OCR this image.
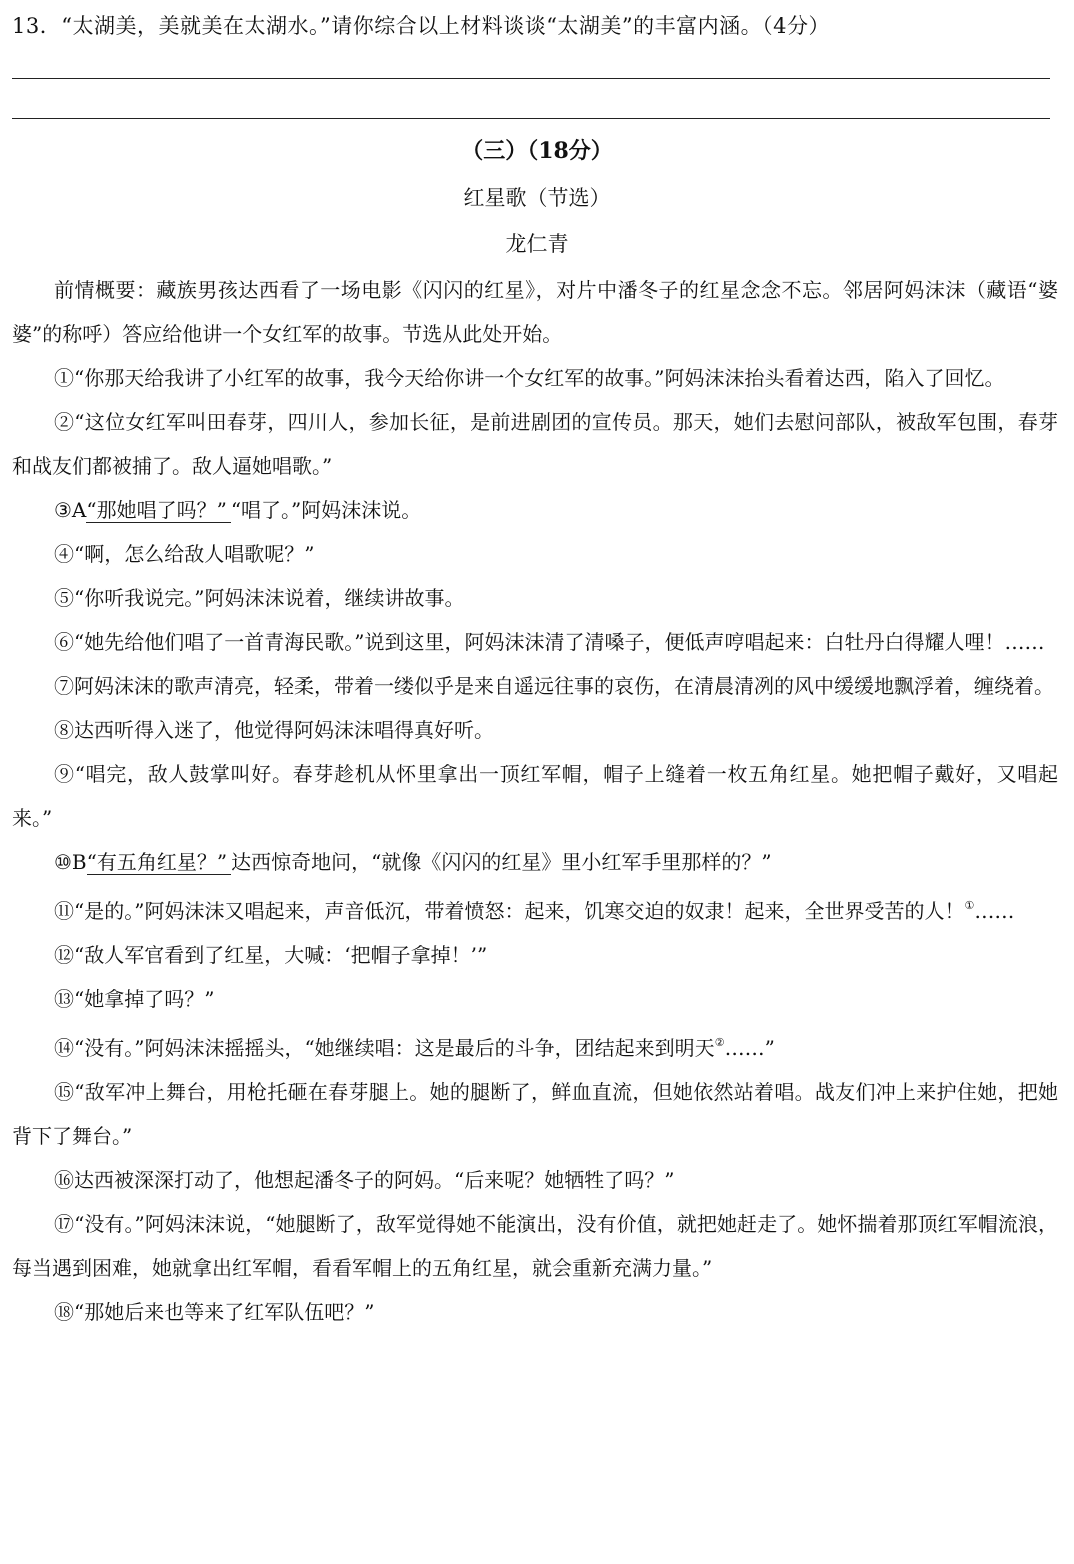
13．“太湖美，美就美在太湖水。”请你综合以上材料谈谈“太湖美”的丰富内涵。（4分）
（三）（18分）
红星歌（节选）
龙仁青

前情概要：藏族男孩达西看了一场电影《闪闪的红星》，对片中潘冬子的红星念念不忘。邻居阿妈沫沫（藏语“婆婆”的称呼）答应给他讲一个女红军的故事。节选从此处开始。

①“你那天给我讲了小红军的故事，我今天给你讲一个女红军的故事。”阿妈沫沫抬头看着达西，陷入了回忆。

②“这位女红军叫田春芽，四川人，参加长征，是前进剧团的宣传员。那天，她们去慰问部队，被敌军包围，春芽和战友们都被捕了。敌人逼她唱歌。”

③A“那她唱了吗？” “唱了。”阿妈沫沫说。

④“啊，怎么给敌人唱歌呢？”

⑤“你听我说完。”阿妈沫沫说着，继续讲故事。

⑥“她先给他们唱了一首青海民歌。”说到这里，阿妈沫沫清了清嗓子，便低声哼唱起来：白牡丹白得耀人哩！……

⑦阿妈沫沫的歌声清亮，轻柔，带着一缕似乎是来自遥远往事的哀伤，在清晨清冽的风中缓缓地飘浮着，缠绕着。

⑧达西听得入迷了，他觉得阿妈沫沫唱得真好听。

⑨“唱完，敌人鼓掌叫好。春芽趁机从怀里拿出一顶红军帽，帽子上缝着一枚五角红星。她把帽子戴好，又唱起来。”

⑩B“有五角红星？” 达西惊奇地问，“就像《闪闪的红星》里小红军手里那样的？”

⑪“是的。”阿妈沫沫又唱起来，声音低沉，带着愤怒：起来，饥寒交迫的奴隶！起来，全世界受苦的人！①……

⑫“敌人军官看到了红星，大喊：‘把帽子拿掉！’”

⑬“她拿掉了吗？”

⑭“没有。”阿妈沫沫摇摇头，“她继续唱：这是最后的斗争，团结起来到明天②……”

⑮“敌军冲上舞台，用枪托砸在春芽腿上。她的腿断了，鲜血直流，但她依然站着唱。战友们冲上来护住她，把她背下了舞台。”

⑯达西被深深打动了，他想起潘冬子的阿妈。“后来呢？她牺牲了吗？”

⑰“没有。”阿妈沫沫说，“她腿断了，敌军觉得她不能演出，没有价值，就把她赶走了。她怀揣着那顶红军帽流浪，每当遇到困难，她就拿出红军帽，看看军帽上的五角红星，就会重新充满力量。”

⑱“那她后来也等来了红军队伍吧？”
